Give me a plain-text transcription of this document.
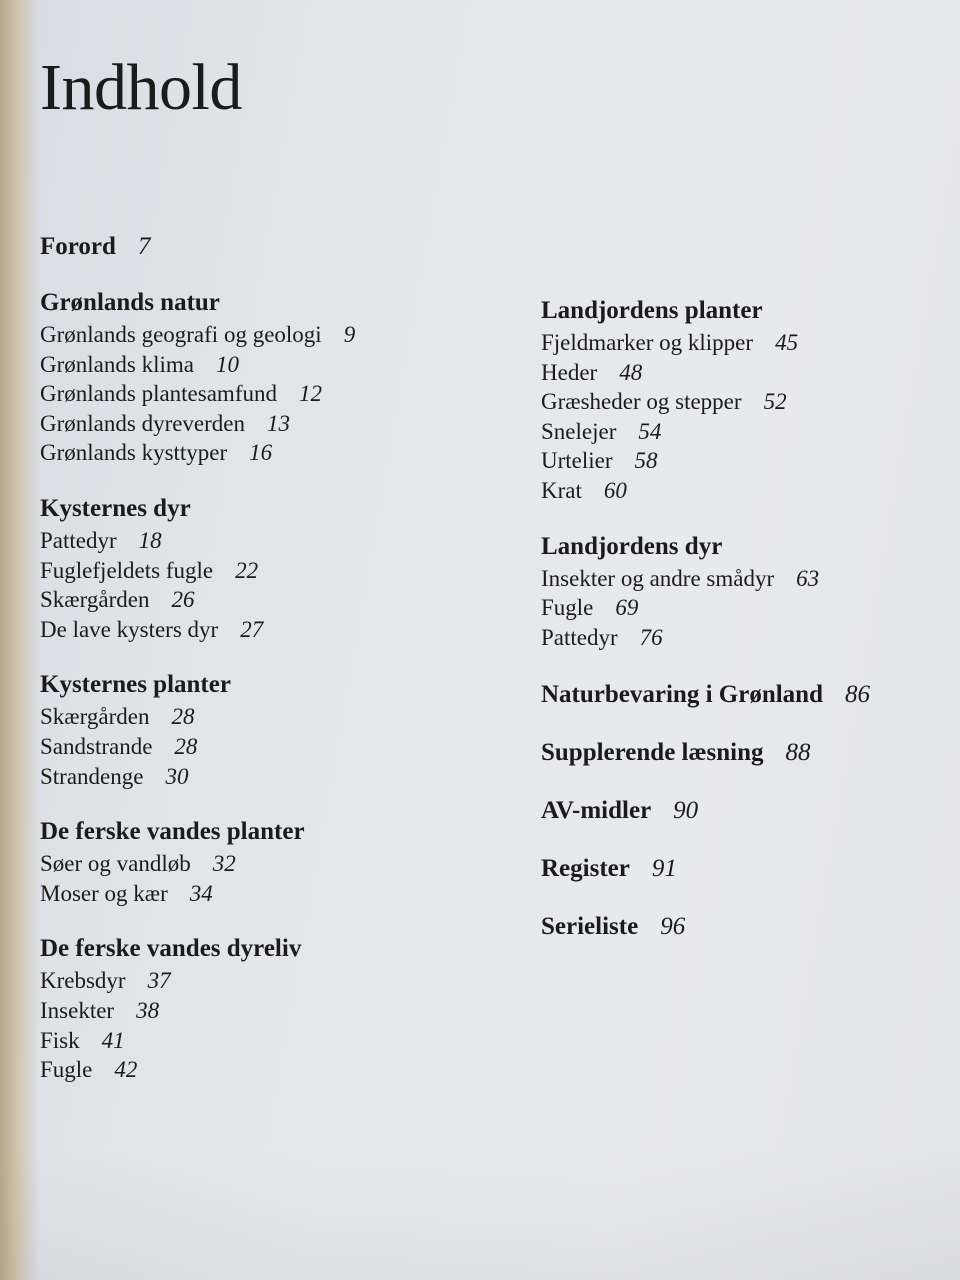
Indhold
Forord 7
Grønlands natur
Grønlands geografi og geologi 9
Grønlands klima 10
Grønlands plantesamfund 12
Grønlands dyreverden 13
Grønlands kysttyper 16
Kysternes dyr
Pattedyr 18
Fuglefjeldets fugle 22
Skærgården 26
De lave kysters dyr 27
Kysternes planter
Skærgården 28
Sandstrande 28
Strandenge 30
De ferske vandes planter
Søer og vandløb 32
Moser og kær 34
De ferske vandes dyreliv
Krebsdyr 37
Insekter 38
Fisk 41
Fugle 42
Landjordens planter
Fjeldmarker og klipper 45
Heder 48
Græsheder og stepper 52
Snelejer 54
Urtelier 58
Krat 60
Landjordens dyr
Insekter og andre smådyr 63
Fugle 69
Pattedyr 76
Naturbevaring i Grønland 86
Supplerende læsning 88
AV-midler 90
Register 91
Serieliste 96
